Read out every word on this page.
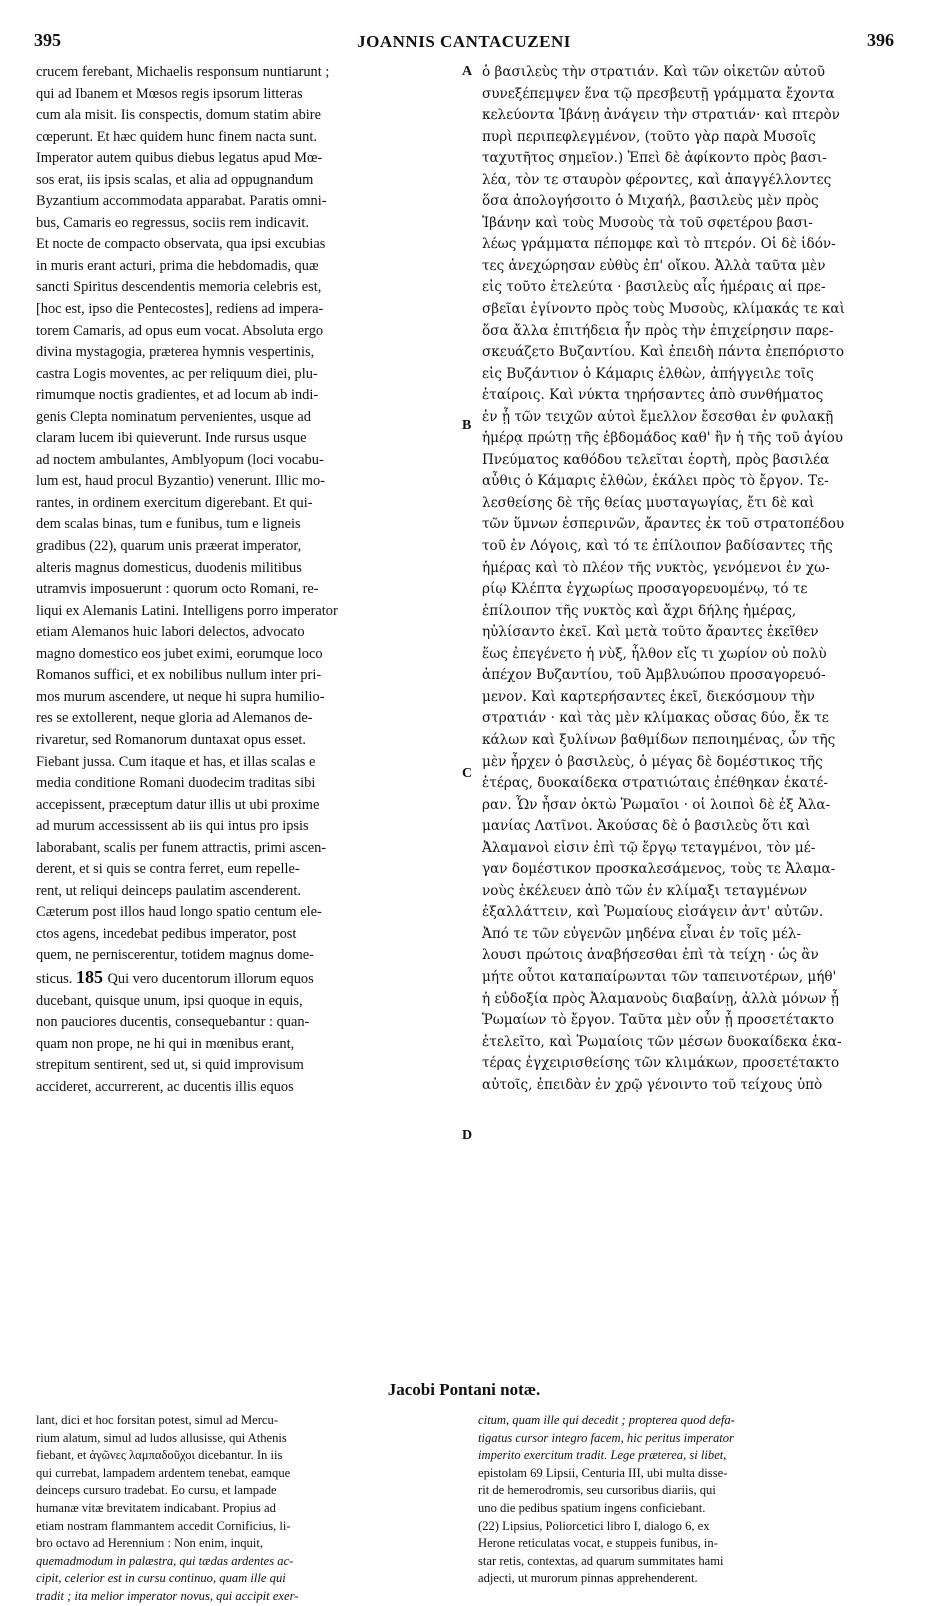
395	JOANNIS CANTACUZENI	396
crucem ferebant, Michaelis responsum nuntiarunt ;
qui ad Ibanem et Mœsos regis ipsorum litteras
cum ala misit. Iis conspectis, domum statim abire
cœperunt. Et hæc quidem hunc finem nacta sunt.
Imperator autem quibus diebus legatus apud Mœ-
sos erat, iis ipsis scalas, et alia ad oppugnandum
Byzantium accommodata apparabat. Paratis omni-
bus, Camaris eo regressus, sociis rem indicavit.
Et nocte de compacto observata, qua ipsi excubias
in muris erant acturi, prima die hebdomadis, quæ
sancti Spiritus descendentis memoria celebris est,
[hoc est, ipso die Pentecostes], rediens ad impera-
torem Camaris, ad opus eum vocat. Absoluta ergo
divina mystagogia, præterea hymnis vespertinis,
castra Logis moventes, ac per reliquum diei, plu-
rimumque noctis gradientes, et ad locum ab indi-
genis Clepta nominatum pervenientes, usque ad
claram lucem ibi quieverunt. Inde rursus usque
ad noctem ambulantes, Amblyopum (loci vocabu-
lum est, haud procul Byzantio) venerunt. Illic mo-
rantes, in ordinem exercitum digerebant. Et qui-
dem scalas binas, tum e funibus, tum e ligneis
gradibus (22), quarum unis præerat imperator,
alteris magnus domesticus, duodenis militibus
utramvis imposuerunt : quorum octo Romani, re-
liqui ex Alemanis Latini. Intelligens porro imperator
etiam Alemanos huic labori delectos, advocato
magno domestico eos jubet eximi, eorumque loco
Romanos suffici, et ex nobilibus nullum inter pri-
mos murum ascendere, ut neque hi supra humilio-
res se extollerent, neque gloria ad Alemanos de-
rivaretur, sed Romanorum duntaxat opus esset.
Fiebant jussa. Cum itaque et has, et illas scalas e
media conditione Romani duodecim traditas sibi
accepissent, præceptum datur illis ut ubi proxime
ad murum accessissent ab iis qui intus pro ipsis
laborabant, scalis per funem attractis, primi ascen-
derent, et si quis se contra ferret, eum repelle-
rent, ut reliqui deinceps paulatim ascenderent.
Cæterum post illos haud longo spatio centum ele-
ctos agens, incedebat pedibus imperator, post
quem, ne perniscerentur, totidem magnus dome-
sticus. 185 Qui vero ducentorum illorum equos
ducebant, quisque unum, ipsi quoque in equis,
non pauciores ducentis, consequebantur : quan-
quam non prope, ne hi qui in mœnibus erant,
strepitum sentirent, sed ut, si quid improvisum
accideret, accurrerent, ac ducentis illis equos
ὁ βασιλεὺς τὴν στρατιάν. Καὶ τῶν οἰκετῶν αὐτοῦ
συνεξέπεμψεν ἕνα τῷ πρεσβευτῇ γράμματα ἔχοντα
κελεύοντα Ἰβάνῃ ἀνάγειν τὴν στρατιάν· καὶ πτερὸν
πυρὶ περιπεφλεγμένον, (τοῦτο γὰρ παρὰ Μυσοῖς
ταχυτῆτος σημεῖον.) Ἐπεὶ δὲ ἀφίκοντο πρὸς βασι-
λέα, τὸν τε σταυρὸν φέροντες, καὶ ἀπαγγέλλοντες
ὅσα ἀπολογήσοιτο ὁ Μιχαήλ, βασιλεὺς μὲν πρὸς
Ἰβάνην καὶ τοὺς Μυσοὺς τὰ τοῦ σφετέρου βασι-
λέως γράμματα πέπομφε καὶ τὸ πτερόν. Οἱ δὲ ἰδόν-
τες ἀνεχώρησαν εὐθὺς ἐπ' οἴκου. Ἀλλὰ ταῦτα μὲν
εἰς τοῦτο ἐτελεύτα · βασιλεὺς αἷς ἡμέραις αἱ πρε-
σβεῖαι ἐγίνοντο πρὸς τοὺς Μυσοὺς, κλίμακάς τε καὶ
ὅσα ἄλλα ἐπιτήδεια ἦν πρὸς τὴν ἐπιχείρησιν παρε-
σκευάζετο Βυζαντίου. Καὶ ἐπειδὴ πάντα ἐπεπόριστο
εἰς Βυζάντιον ὁ Κάμαρις ἐλθὼν, ἀπήγγειλε τοῖς
ἑταίροις. Καὶ νύκτα τηρήσαντες ἀπὸ συνθήματος
ἐν ᾗ τῶν τειχῶν αὐτοὶ ἔμελλον ἔσεσθαι ἐν φυλακῇ
ἡμέρᾳ πρώτῃ τῆς ἑβδομάδος καθ' ἣν ἡ τῆς τοῦ ἁγίου
Πνεύματος καθόδου τελεῖται ἑορτὴ, πρὸς βασιλέα
αὖθις ὁ Κάμαρις ἐλθὼν, ἐκάλει πρὸς τὸ ἔργον. Τε-
λεσθείσης δὲ τῆς θείας μυσταγωγίας, ἔτι δὲ καὶ
τῶν ὕμνων ἑσπερινῶν, ἄραντες ἐκ τοῦ στρατοπέδου
τοῦ ἐν Λόγοις, καὶ τό τε ἐπίλοιπον βαδίσαντες τῆς
ἡμέρας καὶ τὸ πλέον τῆς νυκτὸς, γενόμενοι ἐν χω-
ρίῳ Κλέπτα ἐγχωρίως προσαγορευομένῳ, τό τε
ἐπίλοιπον τῆς νυκτὸς καὶ ἄχρι δήλης ἡμέρας,
ηὐλίσαντο ἐκεῖ. Καὶ μετὰ τοῦτο ἄραντες ἐκεῖθεν
ἕως ἐπεγένετο ἡ νὺξ, ἦλθον εἴς τι χωρίον οὐ πολὺ
ἀπέχον Βυζαντίου, τοῦ Ἀμβλυώπου προσαγορευό-
μενον. Καὶ καρτερήσαντες ἐκεῖ, διεκόσμουν τὴν
στρατιάν · καὶ τὰς μὲν κλίμακας οὔσας δύο, ἔκ τε
κάλων καὶ ξυλίνων βαθμίδων πεποιημένας, ὧν τῆς
μὲν ἦρχεν ὁ βασιλεὺς, ὁ μέγας δὲ δομέστικος τῆς
ἑτέρας, δυοκαίδεκα στρατιώταις ἐπέθηκαν ἑκατέ-
ραν. Ὧν ἦσαν ὀκτὼ Ῥωμαῖοι · οἱ λοιποὶ δὲ ἐξ Ἀλα-
μανίας Λατῖνοι. Ἀκούσας δὲ ὁ βασιλεὺς ὅτι καὶ
Ἀλαμανοὶ εἰσιν ἐπὶ τῷ ἔργῳ τεταγμένοι, τὸν μέ-
γαν δομέστικον προσκαλεσάμενος, τοὺς τε Ἀλαμα-
νοὺς ἐκέλευεν ἀπὸ τῶν ἐν κλίμαξι τεταγμένων
ἐξαλλάττειν, καὶ Ῥωμαίους εἰσάγειν ἀντ' αὐτῶν.
Ἀπό τε τῶν εὐγενῶν μηδένα εἶναι ἐν τοῖς μέλ-
λουσι πρώτοις ἀναβήσεσθαι ἐπὶ τὰ τείχη · ὡς ἂν
μήτε οὗτοι καταπαίρωνται τῶν ταπεινοτέρων, μήθ'
ἡ εὐδοξία πρὸς Ἀλαμανοὺς διαβαίνῃ, ἀλλὰ μόνων ᾖ
Ῥωμαίων τὸ ἔργον. Ταῦτα μὲν οὖν ᾗ προσετέτακτο
ἐτελεῖτο, καὶ Ῥωμαίοις τῶν μέσων δυοκαίδεκα ἑκα-
τέρας ἐγχειρισθείσης τῶν κλιμάκων, προσετέτακτο
αὐτοῖς, ἐπειδὰν ἐν χρῷ γένοιντο τοῦ τείχους ὑπὸ
A
B
C
D
Jacobi Pontani notæ.
lant, dici et hoc forsitan potest, simul ad Mercu-
rium alatum, simul ad ludos allusisse, qui Athenis
fiebant, et ἀγῶνες λαμπαδοῦχοι dicebantur. In iis
qui currebat, lampadem ardentem tenebat, eamque
deinceps cursuro tradebat. Eo cursu, et lampade
humanæ vitæ brevitatem indicabant. Propius ad
etiam nostram flammantem accedit Cornificius, li-
bro octavo ad Herennium : Non enim, inquit,
quemadmodum in palæstra, qui tædas ardentes ac-
cipit, celerior est in cursu continuo, quam ille qui
tradit ; ita melior imperator novus, qui accipit exer-
citum, quam ille qui decedit ; propterea quod defa-
tigatus cursor integro facem, hic peritus imperator
imperito exercitum tradit. Lege præterea, si libet,
epistolam 69 Lipsii, Centuria III, ubi multa disse-
rit de hemerodromis, seu cursoribus diariis, qui
uno die pedibus spatium ingens conficiebant.
(22) Lipsius, Poliorcetici libro I, dialogo 6, ex
Herone reticulatas vocat, e stuppeis funibus, in-
star retis, contextas, ad quarum summitates hami
adjecti, ut murorum pinnas apprehenderent.
